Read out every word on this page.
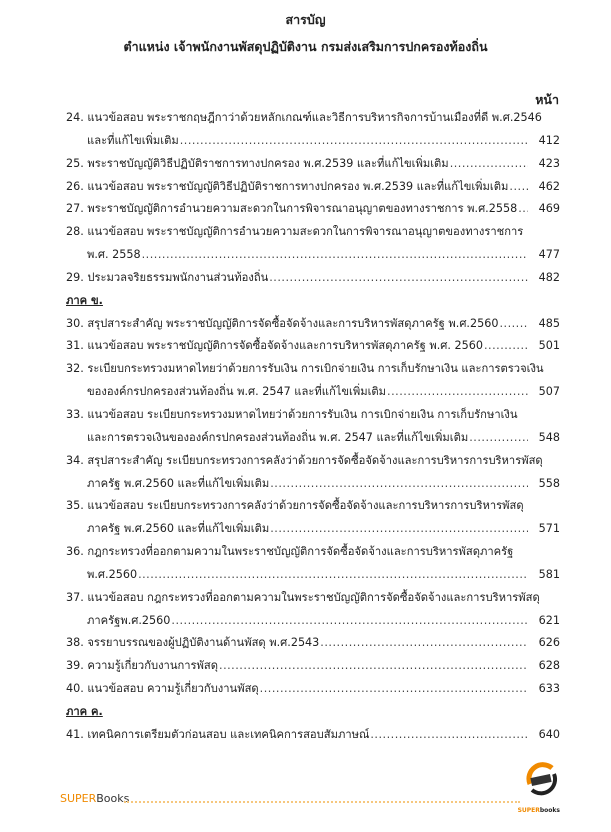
สารบัญ
ตำแหน่ง เจ้าพนักงานพัสดุปฏิบัติงาน กรมส่งเสริมการปกครองท้องถิ่น
หน้า
24. แนวข้อสอบ พระราชกฤษฎีกาว่าด้วยหลักเกณฑ์และวิธีการบริหารกิจการบ้านเมืองที่ดี พ.ศ.2546
และที่แก้ไขเพิ่มเติม .....	412
25. พระราชบัญญัติวิธีปฏิบัติราชการทางปกครอง พ.ศ.2539 และที่แก้ไขเพิ่มเติม .....	423
26. แนวข้อสอบ พระราชบัญญัติวิธีปฏิบัติราชการทางปกครอง พ.ศ.2539 และที่แก้ไขเพิ่มเติม .....	462
27. พระราชบัญญัติการอำนวยความสะดวกในการพิจารณาอนุญาตของทางราชการ พ.ศ.2558 .....	469
28. แนวข้อสอบ พระราชบัญญัติการอำนวยความสะดวกในการพิจารณาอนุญาตของทางราชการ
พ.ศ. 2558 .....	477
29. ประมวลจริยธรรมพนักงานส่วนท้องถิ่น .....	482
ภาค ข.
30. สรุปสาระสำคัญ พระราชบัญญัติการจัดซื้อจัดจ้างและการบริหารพัสดุภาครัฐ พ.ศ.2560 .....	485
31. แนวข้อสอบ พระราชบัญญัติการจัดซื้อจัดจ้างและการบริหารพัสดุภาครัฐ พ.ศ. 2560 .....	501
32. ระเบียบกระทรวงมหาดไทยว่าด้วยการรับเงิน การเบิกจ่ายเงิน การเก็บรักษาเงิน และการตรวจเงิน
ขององค์กรปกครองส่วนท้องถิ่น พ.ศ. 2547 และที่แก้ไขเพิ่มเติม .....	507
33. แนวข้อสอบ ระเบียบกระทรวงมหาดไทยว่าด้วยการรับเงิน การเบิกจ่ายเงิน การเก็บรักษาเงิน
และการตรวจเงินขององค์กรปกครองส่วนท้องถิ่น พ.ศ. 2547 และที่แก้ไขเพิ่มเติม .....	548
34. สรุปสาระสำคัญ ระเบียบกระทรวงการคลังว่าด้วยการจัดซื้อจัดจ้างและการบริหารการบริหารพัสดุ
ภาครัฐ พ.ศ.2560 และที่แก้ไขเพิ่มเติม .....	558
35. แนวข้อสอบ ระเบียบกระทรวงการคลังว่าด้วยการจัดซื้อจัดจ้างและการบริหารการบริหารพัสดุ
ภาครัฐ พ.ศ.2560 และที่แก้ไขเพิ่มเติม .....	571
36. กฎกระทรวงที่ออกตามความในพระราชบัญญัติการจัดซื้อจัดจ้างและการบริหารพัสดุภาครัฐ
พ.ศ.2560 .....	581
37. แนวข้อสอบ กฎกระทรวงที่ออกตามความในพระราชบัญญัติการจัดซื้อจัดจ้างและการบริหารพัสดุ
ภาครัฐพ.ศ.2560 .....	621
38. จรรยาบรรณของผู้ปฏิบัติงานด้านพัสดุ พ.ศ.2543 .....	626
39. ความรู้เกี่ยวกับงานการพัสดุ .....	628
40. แนวข้อสอบ ความรู้เกี่ยวกับงานพัสดุ .....	633
ภาค ค.
41. เทคนิคการเตรียมตัวก่อนสอบ และเทคนิคการสอบสัมภาษณ์ .....	640
SUPERBooks
SUPERbooks
